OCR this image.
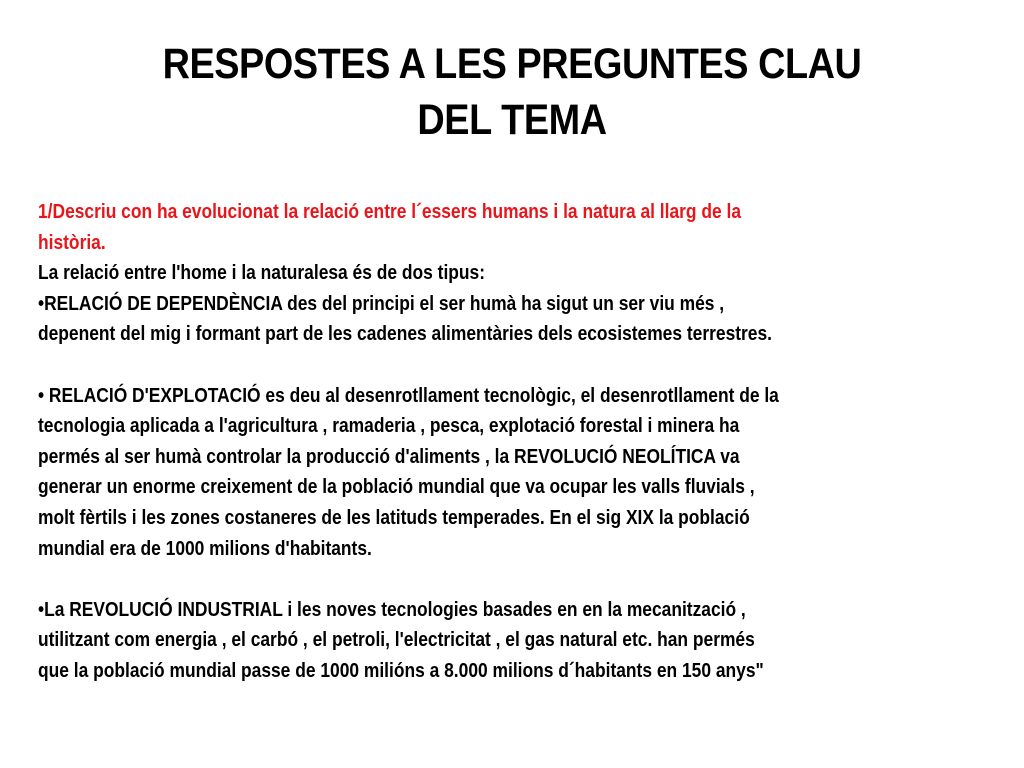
RESPOSTES A LES PREGUNTES CLAU
DEL TEMA

1/Descriu con ha evolucionat la relació entre l´essers humans i la natura al llarg de la

història.

La relació entre l'home i la naturalesa és de dos tipus:

•RELACIÓ DE DEPENDÈNCIA des del principi el ser humà ha sigut un ser viu més ,

depenent del mig i formant part de les cadenes alimentàries dels ecosistemes terrestres.

• RELACIÓ D'EXPLOTACIÓ es deu al desenrotllament tecnològic, el desenrotllament de la

tecnologia aplicada a l'agricultura , ramaderia , pesca, explotació forestal i minera ha

permés al ser humà controlar la producció d'aliments , la REVOLUCIÓ NEOLÍTICA va

generar un enorme creixement de la població mundial que va ocupar les valls fluvials ,

molt fèrtils i les zones costaneres de les latituds temperades. En el sig XIX la població

mundial era de 1000 milions d'habitants.

•La REVOLUCIÓ INDUSTRIAL i les noves tecnologies basades en en la mecanització ,

utilitzant com energia , el carbó , el petroli, l'electricitat , el gas natural etc. han permés

que la població mundial passe de 1000 milións a 8.000 milions d´habitants en 150 anys"
